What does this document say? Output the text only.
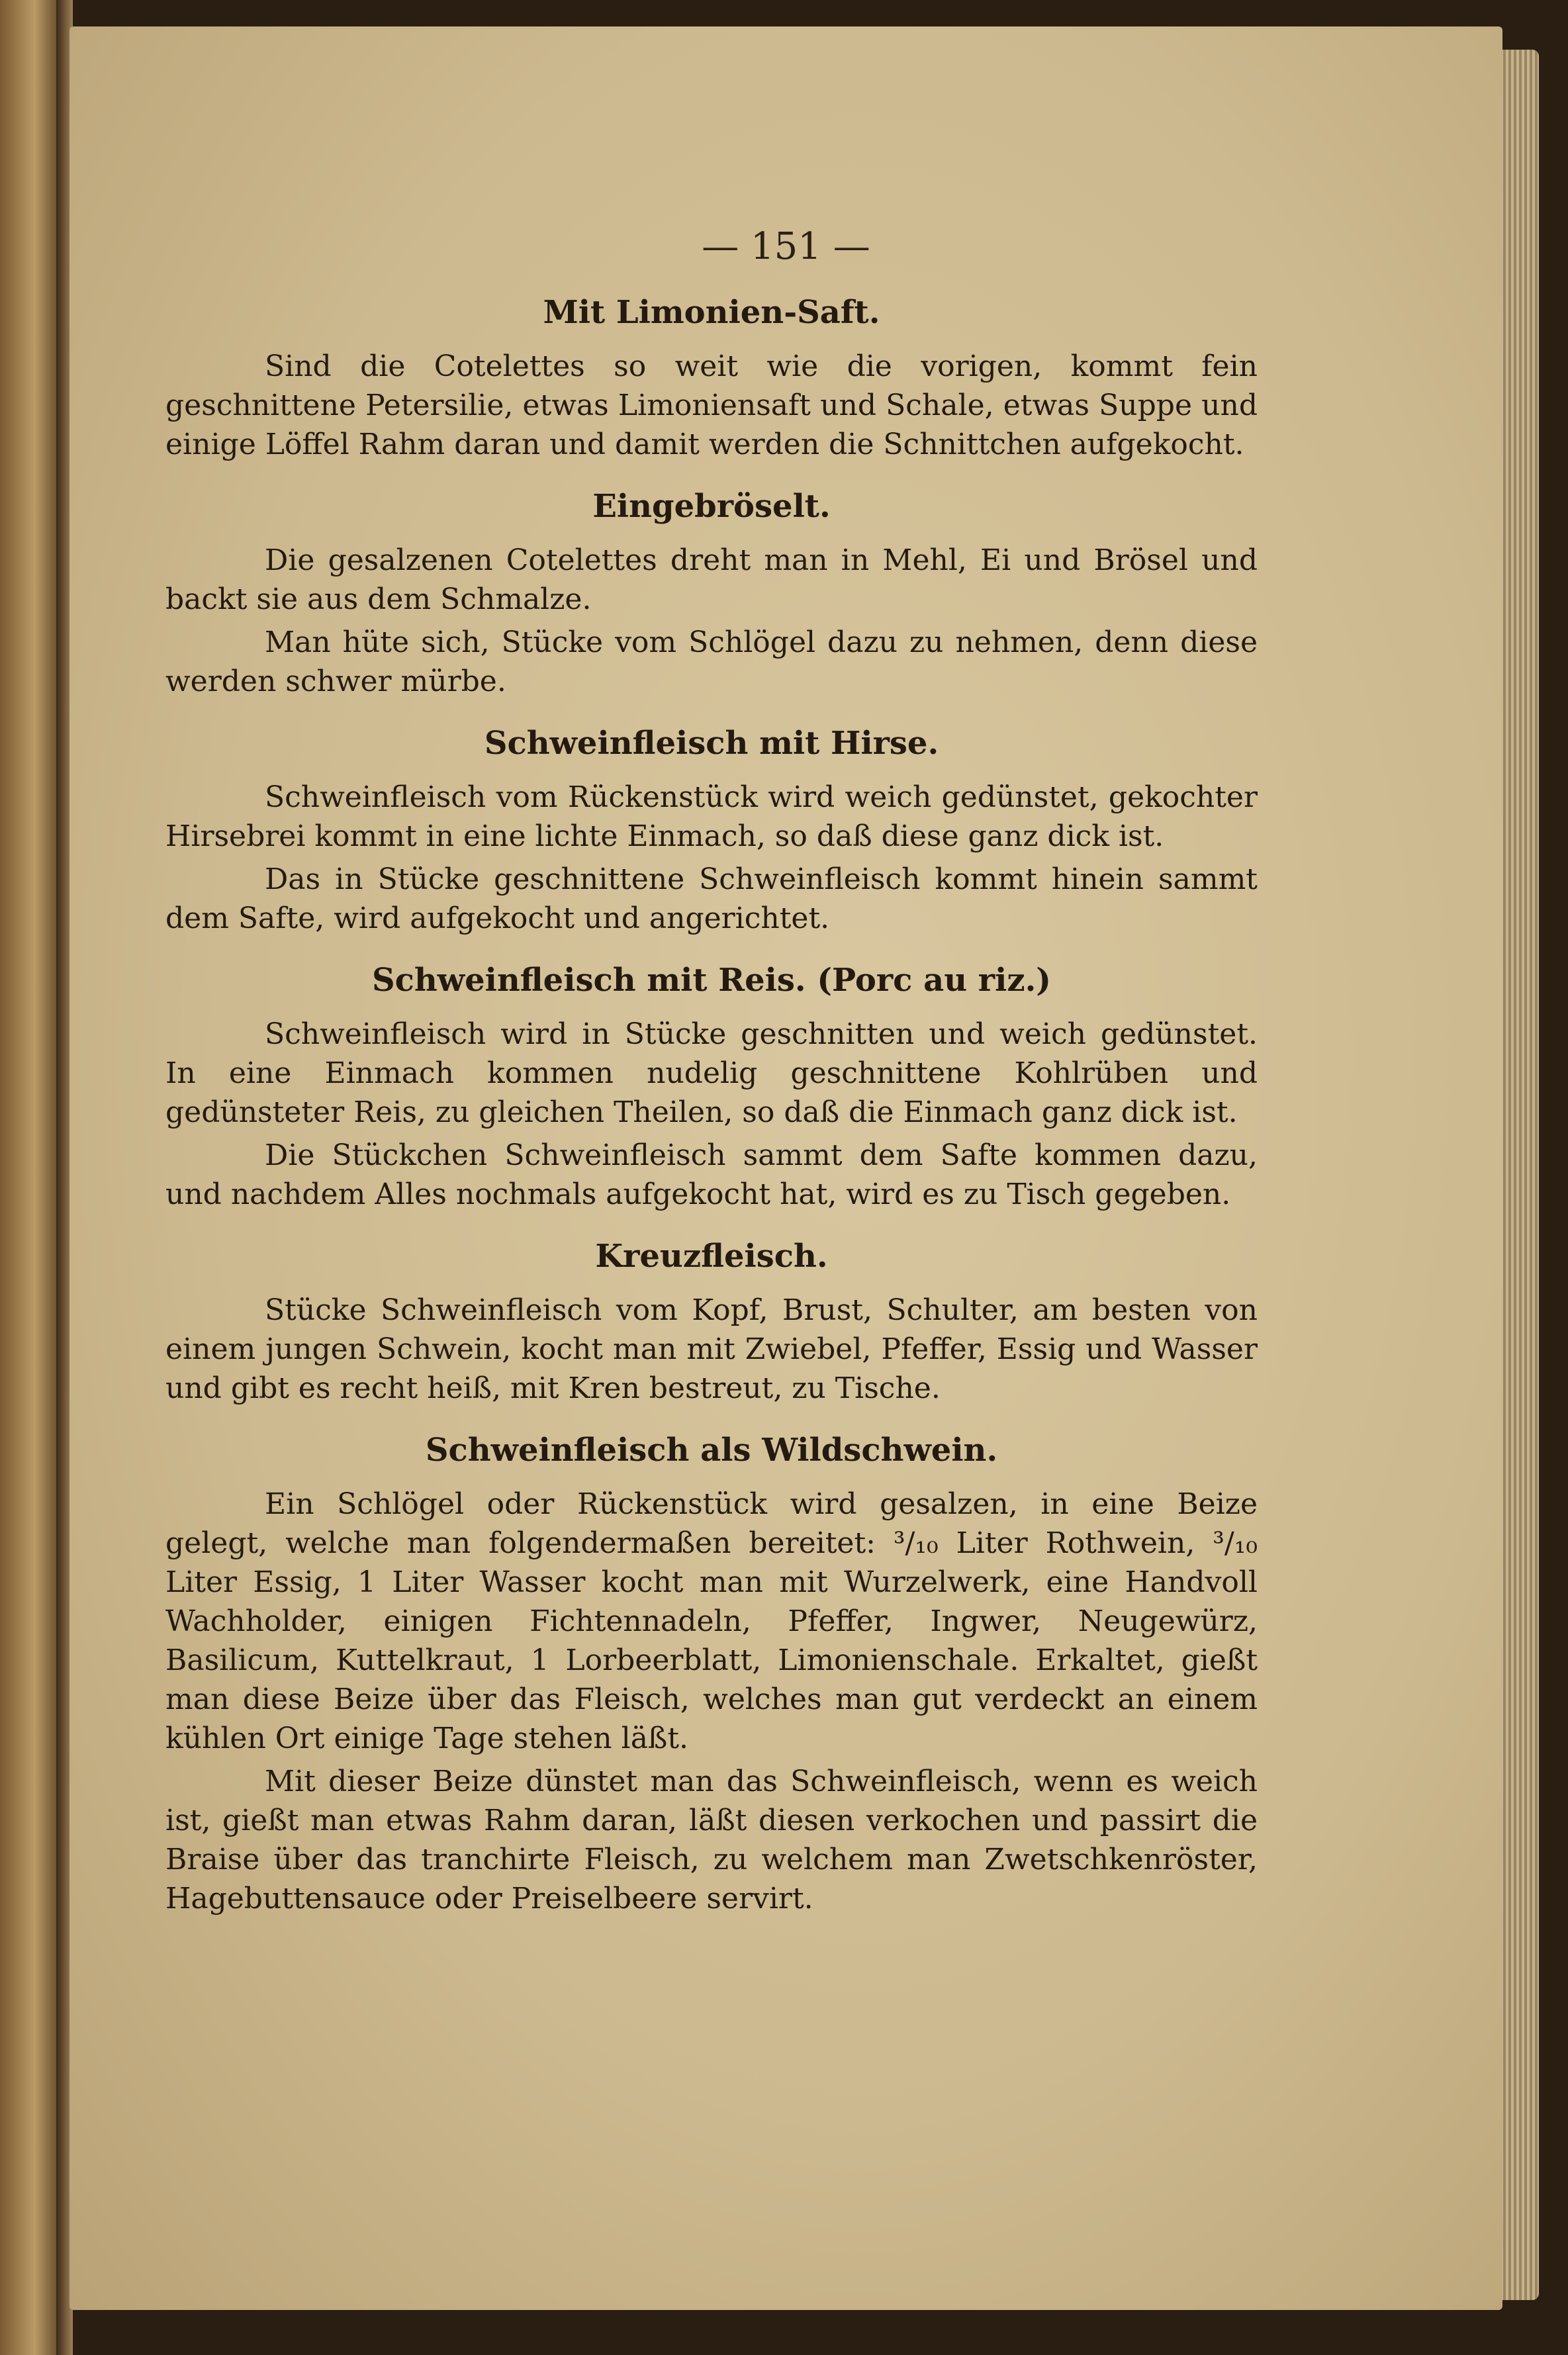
— 151 —
Mit Limonien-Saft.

Sind die Cotelettes so weit wie die vorigen, kommt fein geschnittene Petersilie, etwas Limoniensaft und Schale, etwas Suppe und einige Löffel Rahm daran und damit werden die Schnittchen aufgekocht.

Eingebröselt.

Die gesalzenen Cotelettes dreht man in Mehl, Ei und Brösel und backt sie aus dem Schmalze.

Man hüte sich, Stücke vom Schlögel dazu zu nehmen, denn diese werden schwer mürbe.

Schweinfleisch mit Hirse.

Schweinfleisch vom Rückenstück wird weich gedünstet, gekochter Hirsebrei kommt in eine lichte Einmach, so daß diese ganz dick ist.

Das in Stücke geschnittene Schweinfleisch kommt hinein sammt dem Safte, wird aufgekocht und angerichtet.

Schweinfleisch mit Reis. (Porc au riz.)

Schweinfleisch wird in Stücke geschnitten und weich gedünstet. In eine Einmach kommen nudelig geschnittene Kohlrüben und gedünsteter Reis, zu gleichen Theilen, so daß die Einmach ganz dick ist.

Die Stückchen Schweinfleisch sammt dem Safte kommen dazu, und nachdem Alles nochmals aufgekocht hat, wird es zu Tisch gegeben.

Kreuzfleisch.

Stücke Schweinfleisch vom Kopf, Brust, Schulter, am besten von einem jungen Schwein, kocht man mit Zwiebel, Pfeffer, Essig und Wasser und gibt es recht heiß, mit Kren bestreut, zu Tische.

Schweinfleisch als Wildschwein.

Ein Schlögel oder Rückenstück wird gesalzen, in eine Beize gelegt, welche man folgendermaßen bereitet: ³/₁₀ Liter Rothwein, ³/₁₀ Liter Essig, 1 Liter Wasser kocht man mit Wurzelwerk, eine Handvoll Wachholder, einigen Fichtennadeln, Pfeffer, Ingwer, Neugewürz, Basilicum, Kuttelkraut, 1 Lorbeerblatt, Limonienschale. Erkaltet, gießt man diese Beize über das Fleisch, welches man gut verdeckt an einem kühlen Ort einige Tage stehen läßt.

Mit dieser Beize dünstet man das Schweinfleisch, wenn es weich ist, gießt man etwas Rahm daran, läßt diesen verkochen und passirt die Braise über das tranchirte Fleisch, zu welchem man Zwetschkenröster, Hagebuttensauce oder Preiselbeere servirt.
